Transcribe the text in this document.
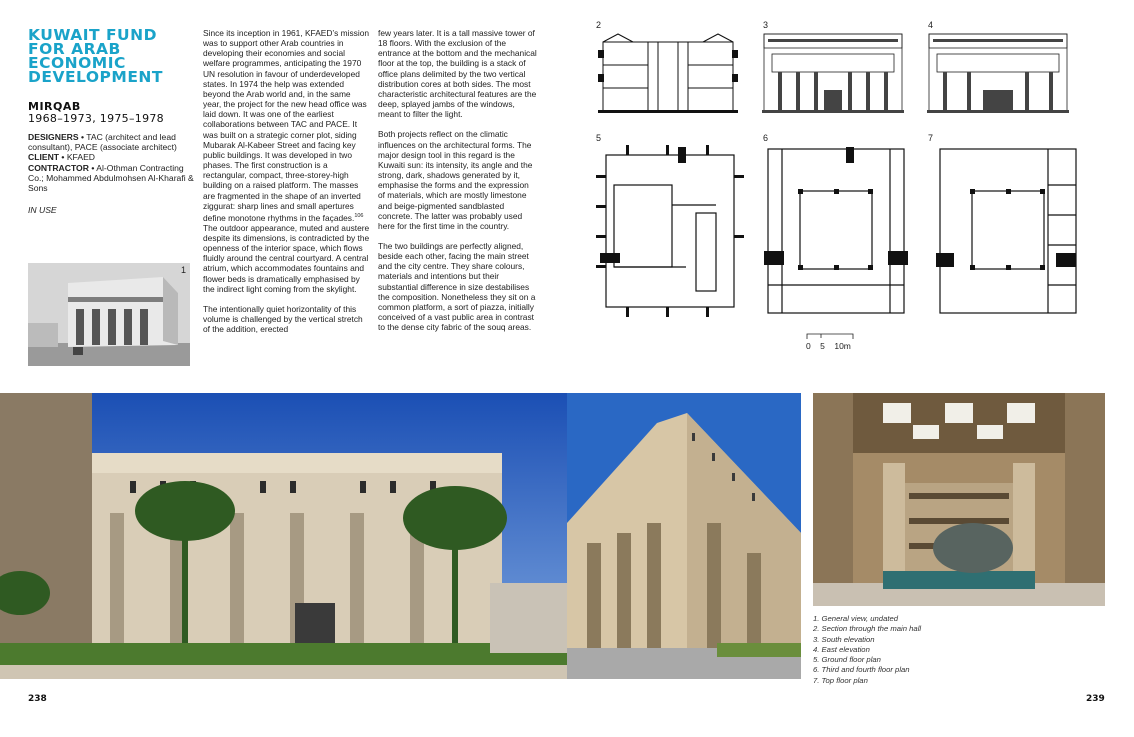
KUWAIT FUND FOR ARAB ECONOMIC DEVELOPMENT
MIRQAB
1968–1973, 1975–1978
DESIGNERS • TAC (architect and lead consultant), PACE (associate architect)
CLIENT • KFAED
CONTRACTOR • Al-Othman Contracting Co.; Mohammed Abdulmohsen Al-Kharafi & Sons
IN USE
1

Since its inception in 1961, KFAED’s mission was to support other Arab countries in developing their economies and social welfare programmes, anticipating the 1970 UN resolution in favour of underdeveloped states. In 1974 the help was extended beyond the Arab world and, in the same year, the project for the new head office was laid down. It was one of the earliest collaborations between TAC and PACE. It was built on a strategic corner plot, siding Mubarak Al-Kabeer Street and facing key public buildings. It was developed in two phases. The first construction is a rectangular, compact, three-storey-high building on a raised platform. The masses are fragmented in the shape of an inverted ziggurat: sharp lines and small apertures define monotone rhythms in the façades.$^{106}$ The outdoor appearance, muted and austere despite its dimensions, is contradicted by the openness of the interior space, which flows fluidly around the central courtyard. A central atrium, which accommodates fountains and flower beds is dramatically emphasised by the indirect light coming from the skylight.

The intentionally quiet horizontality of this volume is challenged by the vertical stretch of the addition, erected

few years later. It is a tall massive tower of 18 floors. With the exclusion of the entrance at the bottom and the mechanical floor at the top, the building is a stack of office plans delimited by the two vertical distribution cores at both sides. The most characteristic architectural features are the deep, splayed jambs of the windows, meant to filter the light.

Both projects reflect on the climatic influences on the architectural forms. The major design tool in this regard is the Kuwaiti sun: its intensity, its angle and the strong, dark, shadows generated by it, emphasise the forms and the expression of materials, which are mostly limestone and beige-pigmented sandblasted concrete. The latter was probably used here for the first time in the country.

The two buildings are perfectly aligned, beside each other, facing the main street and the city centre. They share colours, materials and intentions but their substantial difference in size destabilises the composition. Nonetheless they sit on a common platform, a sort of piazza, initially conceived of a vast public area in contrast to the dense city fabric of the souq areas.

2	3	4
5	6	7
0    5    10m
1. General view, undated
2. Section through the main hall
3. South elevation
4. East elevation
5. Ground floor plan
6. Third and fourth floor plan
7. Top floor plan
238	239
